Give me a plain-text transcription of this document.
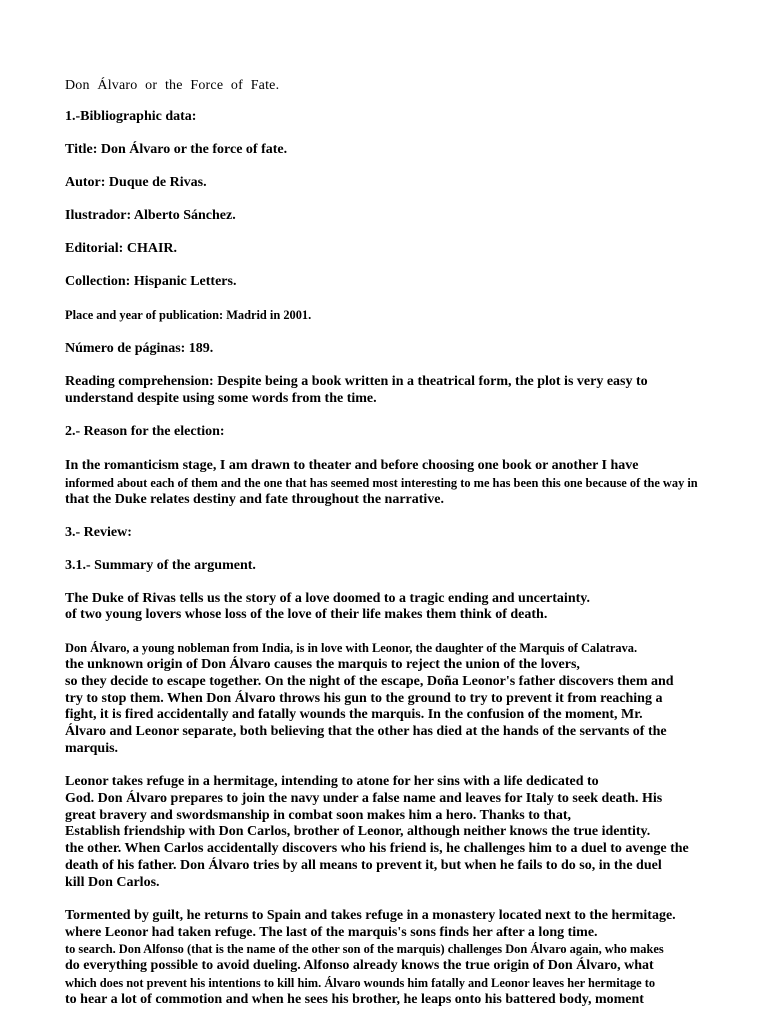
Don Álvaro or the Force of Fate.
1.-Bibliographic data:
Title: Don Álvaro or the force of fate.
Autor: Duque de Rivas.
Ilustrador: Alberto Sánchez.
Editorial: CHAIR.
Collection: Hispanic Letters.
Place and year of publication: Madrid in 2001.
Número de páginas: 189.
Reading comprehension: Despite being a book written in a theatrical form, the plot is very easy to
understand despite using some words from the time.
2.- Reason for the election:
In the romanticism stage, I am drawn to theater and before choosing one book or another I have
informed about each of them and the one that has seemed most interesting to me has been this one because of the way in
that the Duke relates destiny and fate throughout the narrative.
3.- Review:
3.1.- Summary of the argument.
The Duke of Rivas tells us the story of a love doomed to a tragic ending and uncertainty.
of two young lovers whose loss of the love of their life makes them think of death.
Don Álvaro, a young nobleman from India, is in love with Leonor, the daughter of the Marquis of Calatrava.
the unknown origin of Don Álvaro causes the marquis to reject the union of the lovers,
so they decide to escape together. On the night of the escape, Doña Leonor's father discovers them and
try to stop them. When Don Álvaro throws his gun to the ground to try to prevent it from reaching a
fight, it is fired accidentally and fatally wounds the marquis. In the confusion of the moment, Mr.
Álvaro and Leonor separate, both believing that the other has died at the hands of the servants of the
marquis.
Leonor takes refuge in a hermitage, intending to atone for her sins with a life dedicated to
God. Don Álvaro prepares to join the navy under a false name and leaves for Italy to seek death. His
great bravery and swordsmanship in combat soon makes him a hero. Thanks to that,
Establish friendship with Don Carlos, brother of Leonor, although neither knows the true identity.
the other. When Carlos accidentally discovers who his friend is, he challenges him to a duel to avenge the
death of his father. Don Álvaro tries by all means to prevent it, but when he fails to do so, in the duel
kill Don Carlos.
Tormented by guilt, he returns to Spain and takes refuge in a monastery located next to the hermitage.
where Leonor had taken refuge. The last of the marquis's sons finds her after a long time.
to search. Don Alfonso (that is the name of the other son of the marquis) challenges Don Álvaro again, who makes
do everything possible to avoid dueling. Alfonso already knows the true origin of Don Álvaro, what
which does not prevent his intentions to kill him. Álvaro wounds him fatally and Leonor leaves her hermitage to
to hear a lot of commotion and when he sees his brother, he leaps onto his battered body, moment
